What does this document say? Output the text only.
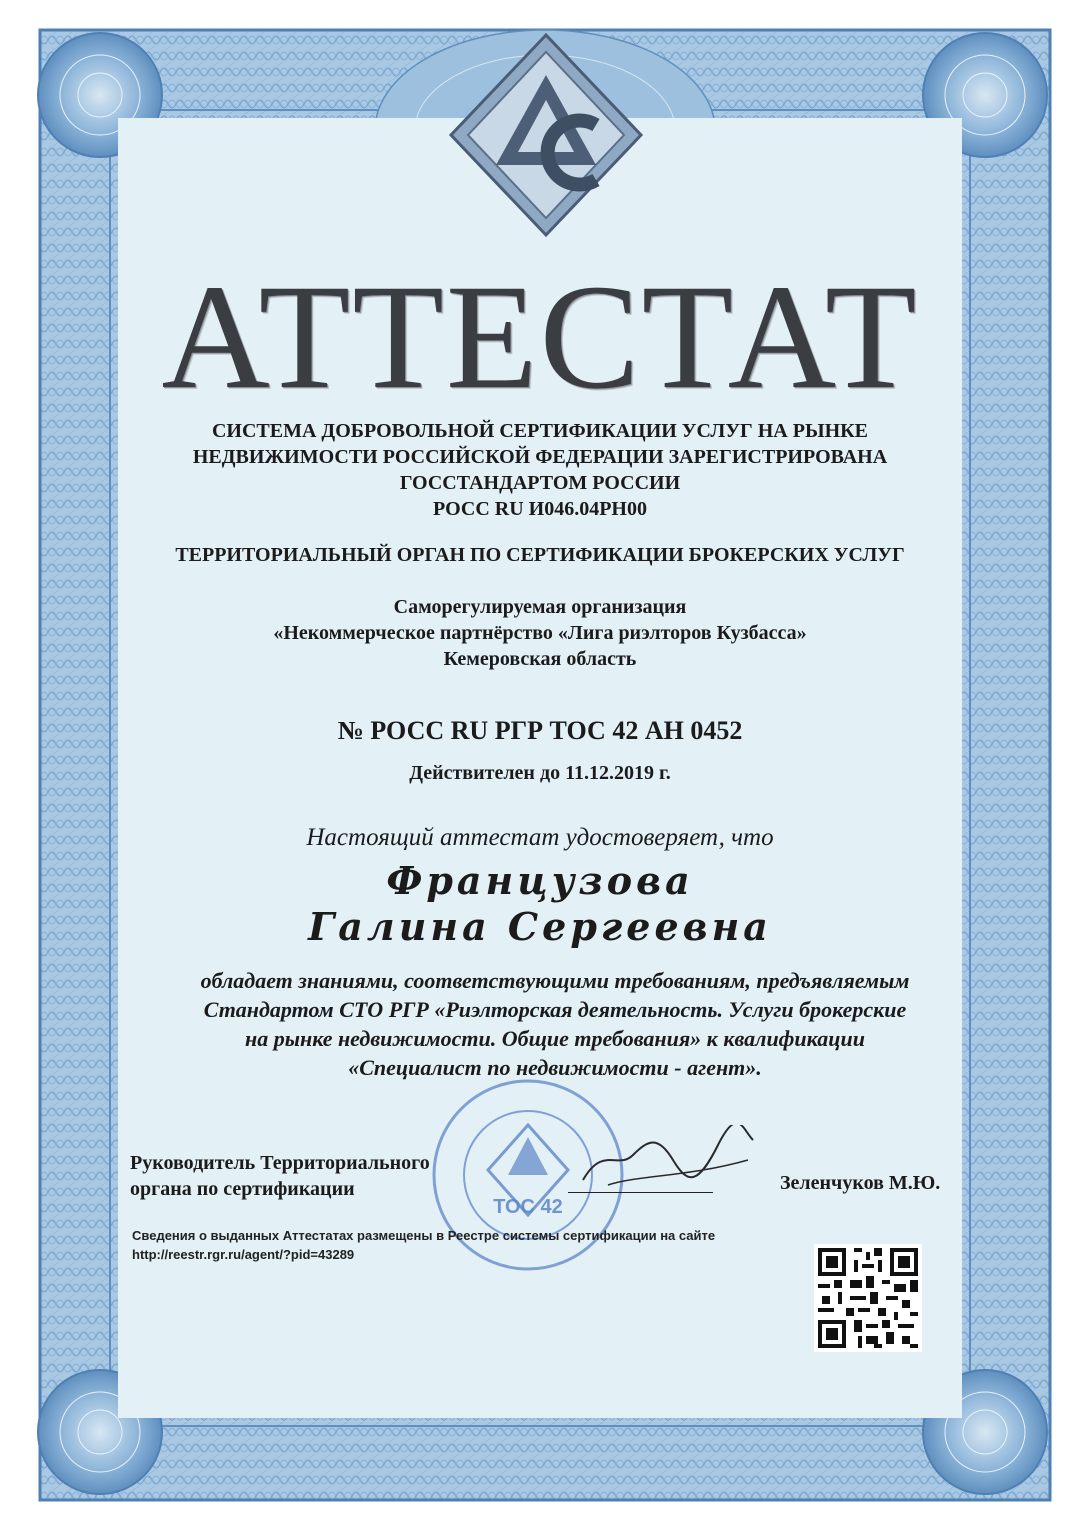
АТТЕСТАТ
СИСТЕМА ДОБРОВОЛЬНОЙ СЕРТИФИКАЦИИ УСЛУГ НА РЫНКЕ
НЕДВИЖИМОСТИ РОССИЙСКОЙ ФЕДЕРАЦИИ ЗАРЕГИСТРИРОВАНА
ГОССТАНДАРТОМ РОССИИ
РОСС RU И046.04РН00
ТЕРРИТОРИАЛЬНЫЙ ОРГАН ПО СЕРТИФИКАЦИИ БРОКЕРСКИХ УСЛУГ
Саморегулируемая организация
«Некоммерческое партнёрство «Лига риэлторов Кузбасса»
Кемеровская область
№ РОСС RU РГР ТОС 42 АН 0452
Действителен до 11.12.2019 г.
Настоящий аттестат удостоверяет, что
Французова
Галина Сергеевна
обладает знаниями, соответствующими требованиям, предъявляемым
Стандартом СТО РГР «Риэлторская деятельность. Услуги брокерские
на рынке недвижимости. Общие требования» к квалификации
«Специалист по недвижимости - агент».
ТОС 42
Руководитель Территориального
органа по сертификации	Зеленчуков М.Ю.
Сведения о выданных Аттестатах размещены в Реестре системы сертификации на сайте
http://reestr.rgr.ru/agent/?pid=43289
